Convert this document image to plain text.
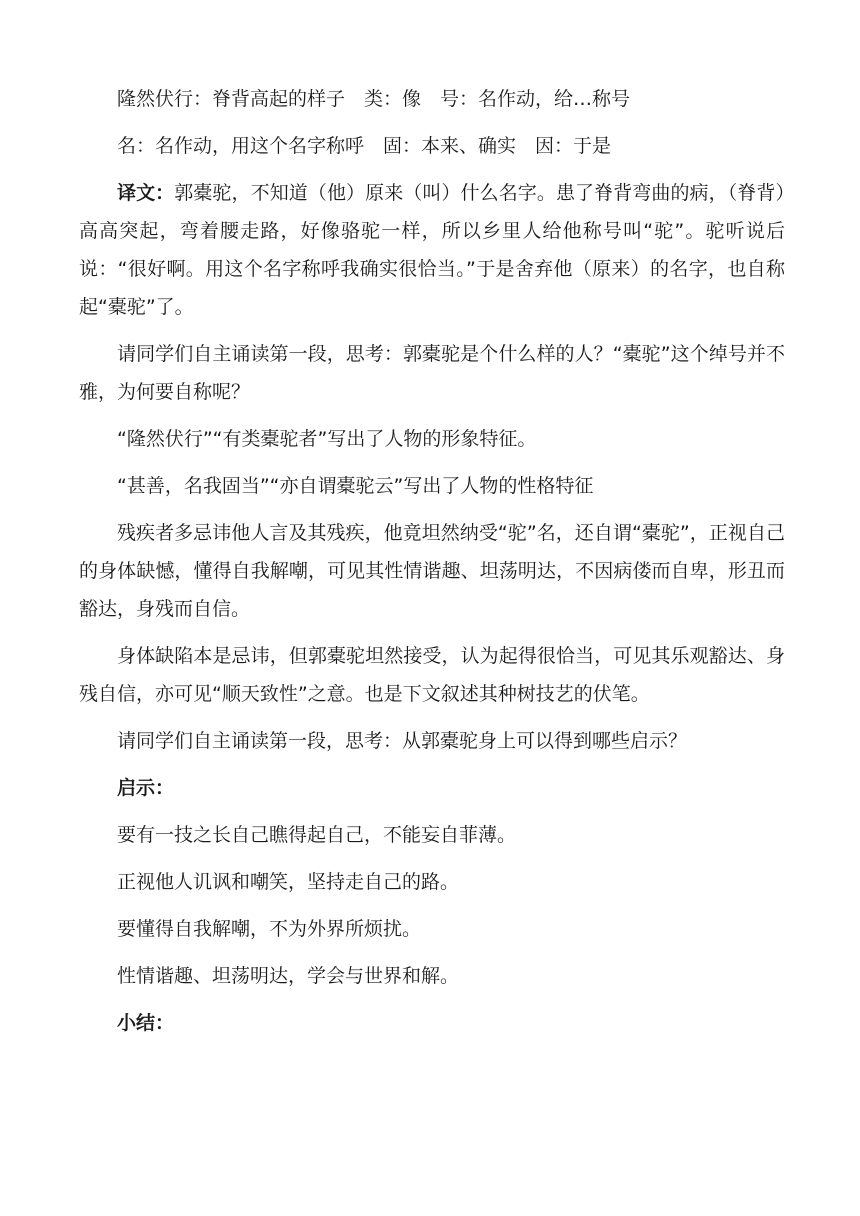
隆然伏行：脊背高起的样子　类：像　号：名作动，给…称号

名：名作动，用这个名字称呼　固：本来、确实　因：于是

译文：郭橐驼，不知道（他）原来（叫）什么名字。患了脊背弯曲的病，（脊背）高高突起，弯着腰走路，好像骆驼一样，所以乡里人给他称号叫“驼”。驼听说后说：“很好啊。用这个名字称呼我确实很恰当。”于是舍弃他（原来）的名字，也自称起“橐驼”了。

请同学们自主诵读第一段，思考：郭橐驼是个什么样的人？“橐驼”这个绰号并不雅，为何要自称呢？

“隆然伏行”“有类橐驼者”写出了人物的形象特征。

“甚善，名我固当”“亦自谓橐驼云”写出了人物的性格特征

残疾者多忌讳他人言及其残疾，他竟坦然纳受“驼”名，还自谓“橐驼”，正视自己的身体缺憾，懂得自我解嘲，可见其性情谐趣、坦荡明达，不因病偻而自卑，形丑而豁达，身残而自信。

身体缺陷本是忌讳，但郭橐驼坦然接受，认为起得很恰当，可见其乐观豁达、身残自信，亦可见“顺天致性”之意。也是下文叙述其种树技艺的伏笔。

请同学们自主诵读第一段，思考：从郭橐驼身上可以得到哪些启示？

启示：

要有一技之长自己瞧得起自己，不能妄自菲薄。

正视他人讥讽和嘲笑，坚持走自己的路。

要懂得自我解嘲，不为外界所烦扰。

性情谐趣、坦荡明达，学会与世界和解。

小结：
